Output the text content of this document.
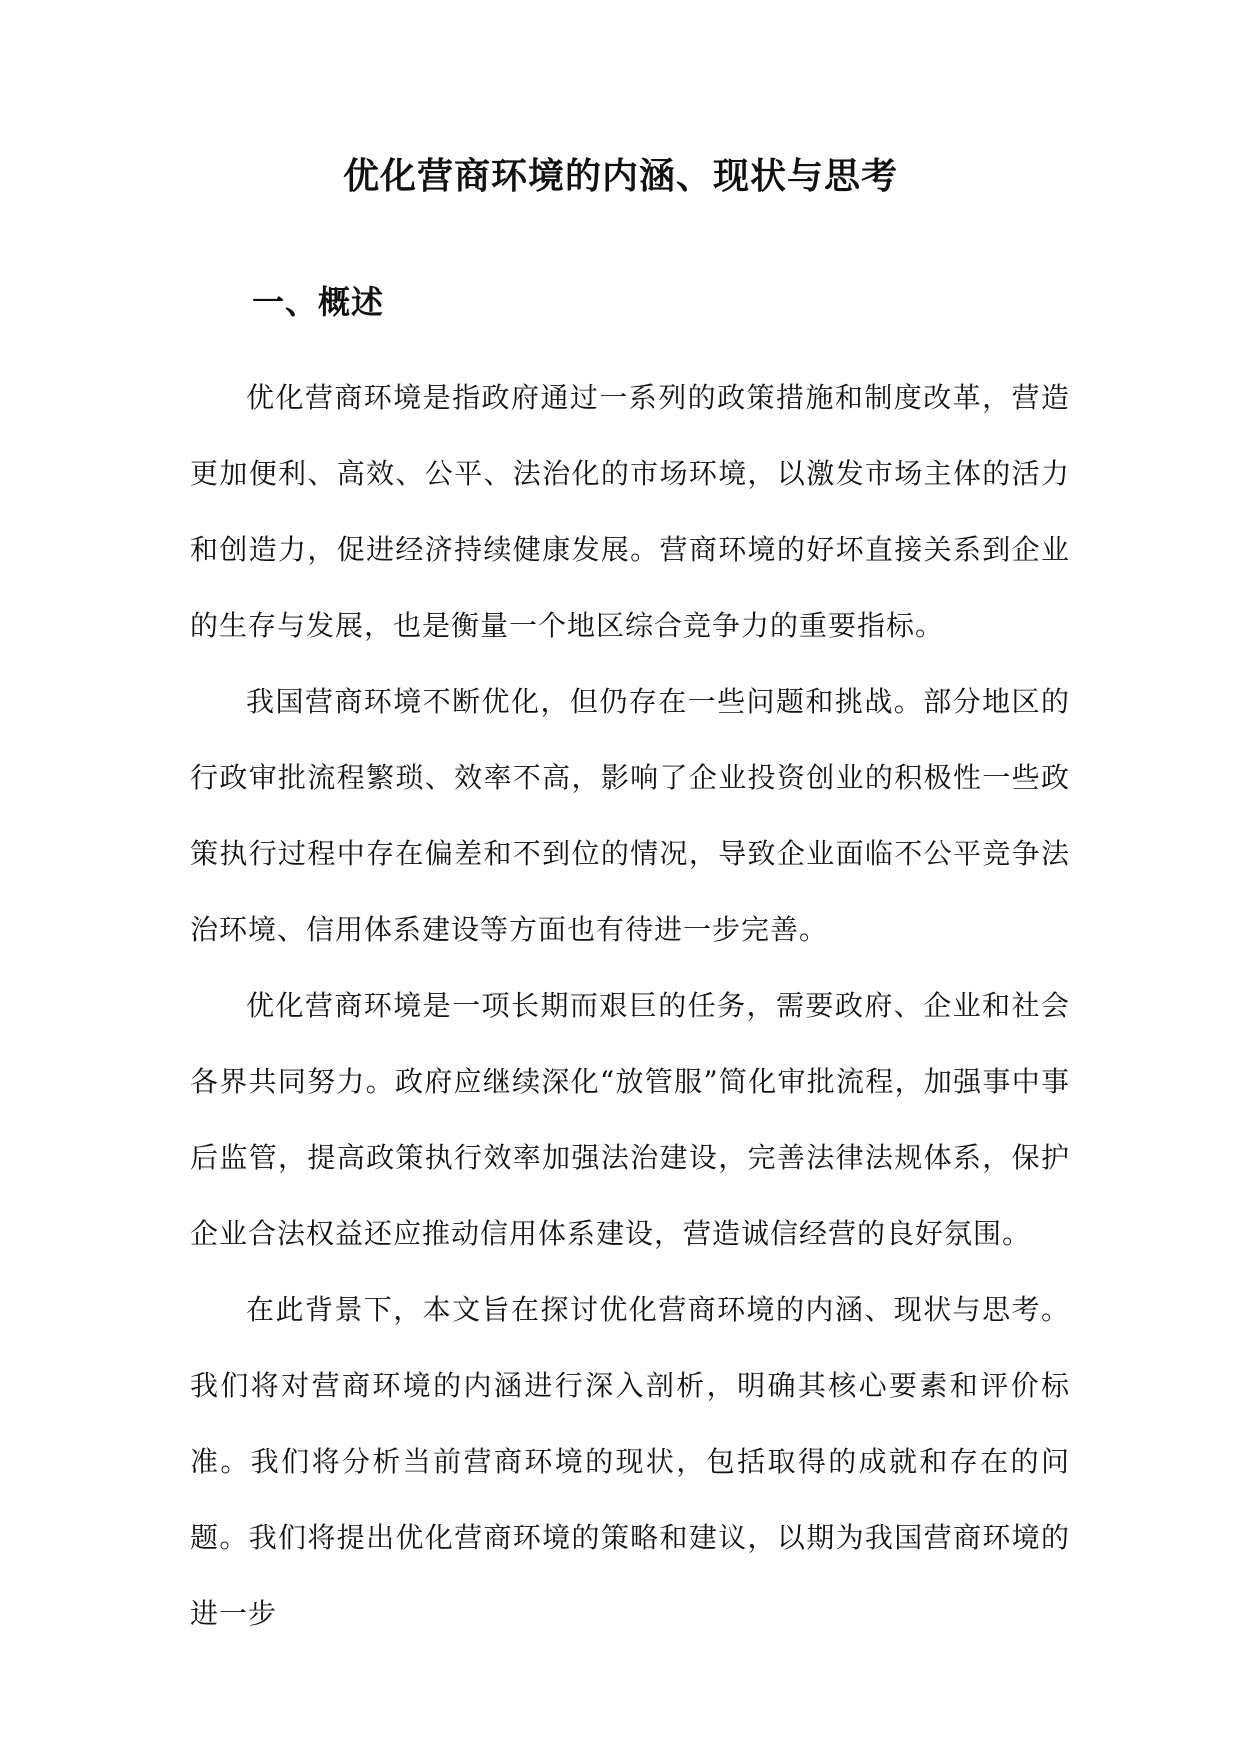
优化营商环境的内涵、现状与思考
一、概述

优化营商环境是指政府通过一系列的政策措施和制度改革，营造更加便利、高效、公平、法治化的市场环境，以激发市场主体的活力和创造力，促进经济持续健康发展。营商环境的好坏直接关系到企业的生存与发展，也是衡量一个地区综合竞争力的重要指标。

我国营商环境不断优化，但仍存在一些问题和挑战。部分地区的行政审批流程繁琐、效率不高，影响了企业投资创业的积极性一些政策执行过程中存在偏差和不到位的情况，导致企业面临不公平竞争法治环境、信用体系建设等方面也有待进一步完善。

优化营商环境是一项长期而艰巨的任务，需要政府、企业和社会各界共同努力。政府应继续深化“放管服”简化审批流程，加强事中事后监管，提高政策执行效率加强法治建设，完善法律法规体系，保护企业合法权益还应推动信用体系建设，营造诚信经营的良好氛围。

在此背景下，本文旨在探讨优化营商环境的内涵、现状与思考。我们将对营商环境的内涵进行深入剖析，明确其核心要素和评价标准。我们将分析当前营商环境的现状，包括取得的成就和存在的问题。我们将提出优化营商环境的策略和建议，以期为我国营商环境的进一步
